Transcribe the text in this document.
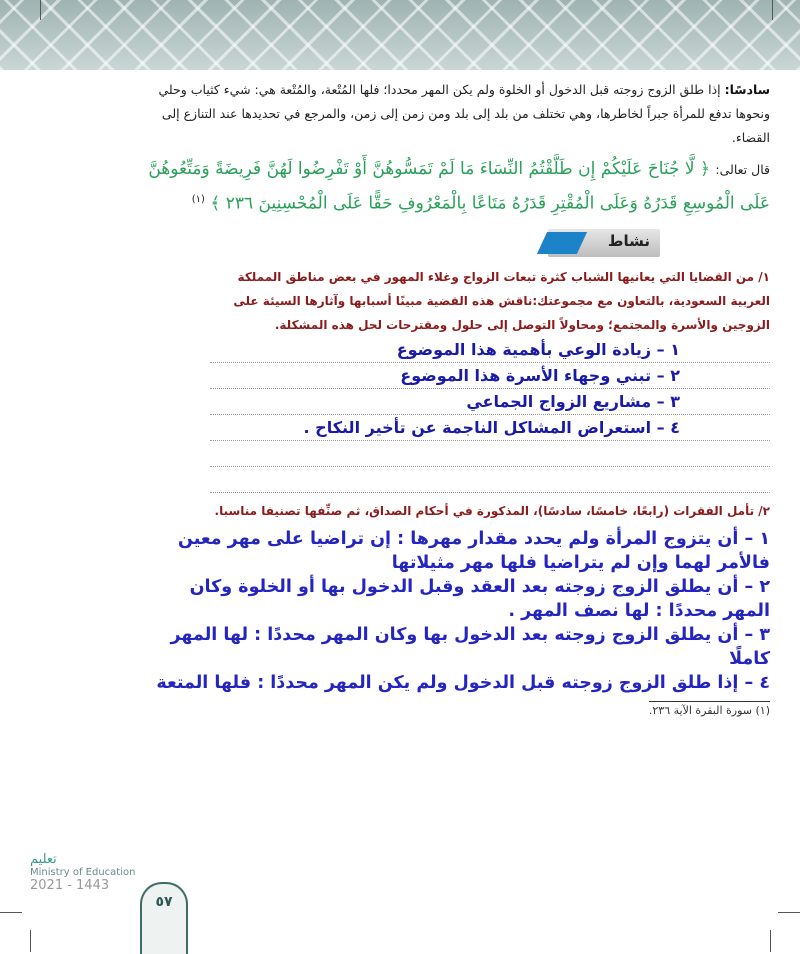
سادسًا: إذا طلق الزوج زوجته قبل الدخول أو الخلوة ولم يكن المهر محددا؛ فلها المُتْعة، والمُتْعة هي: شيء كثياب وحلي ونحوها تدفع للمرأة جبراً لخاطرها، وهي تختلف من بلد إلى بلد ومن زمن إلى زمن، والمرجع في تحديدها عند التنازع إلى القضاء.
قال تعالى: ﴿ لَّا جُنَاحَ عَلَيْكُمْ إِن طَلَّقْتُمُ النِّسَاءَ مَا لَمْ تَمَسُّوهُنَّ أَوْ تَفْرِضُوا لَهُنَّ فَرِيضَةً وَمَتِّعُوهُنَّ عَلَى الْمُوسِعِ قَدَرُهُ وَعَلَى الْمُقْتِرِ قَدَرُهُ مَتَاعًا بِالْمَعْرُوفِ حَقًّا عَلَى الْمُحْسِنِينَ ٢٣٦ ﴾ $^{(١)}$
نشاط
١/ من القضايا التي يعانيها الشباب كثرة تبعات الزواج وغلاء المهور في بعض مناطق المملكة العربية السعودية، بالتعاون مع مجموعتك:ناقش هذه القضية مبينًا أسبابها وآثارها السيئة على الزوجين والأسرة والمجتمع؛ ومحاولاً التوصل إلى حلول ومقترحات لحل هذه المشكلة.
١ – زيادة الوعي بأهمية هذا الموضوع
٢ – تبني وجهاء الأسرة هذا الموضوع
٣ – مشاريع الزواج الجماعي
٤ – استعراض المشاكل الناجمة عن تأخير النكاح .
٢/ تأمل الفقرات (رابعًا، خامسًا، سادسًا)، المذكورة في أحكام الصداق، ثم صنِّفها تصنيفا مناسبا.
١ – أن يتزوج المرأة ولم يحدد مقدار مهرها : إن تراضيا على مهر معين فالأمر لهما وإن لم يتراضيا فلها مهر مثيلاتها
٢ – أن يطلق الزوج زوجته بعد العقد وقبل الدخول بها أو الخلوة وكان المهر محددًا : لها نصف المهر .
٣ – أن يطلق الزوج زوجته بعد الدخول بها وكان المهر محددًا : لها المهر كاملًا
٤ – إذا طلق الزوج زوجته قبل الدخول ولم يكن المهر محددًا : فلها المتعة
(١) سورة البقرة الآية ٢٣٦.
تعليم
Ministry of Education
2021 - 1443
٥٧
